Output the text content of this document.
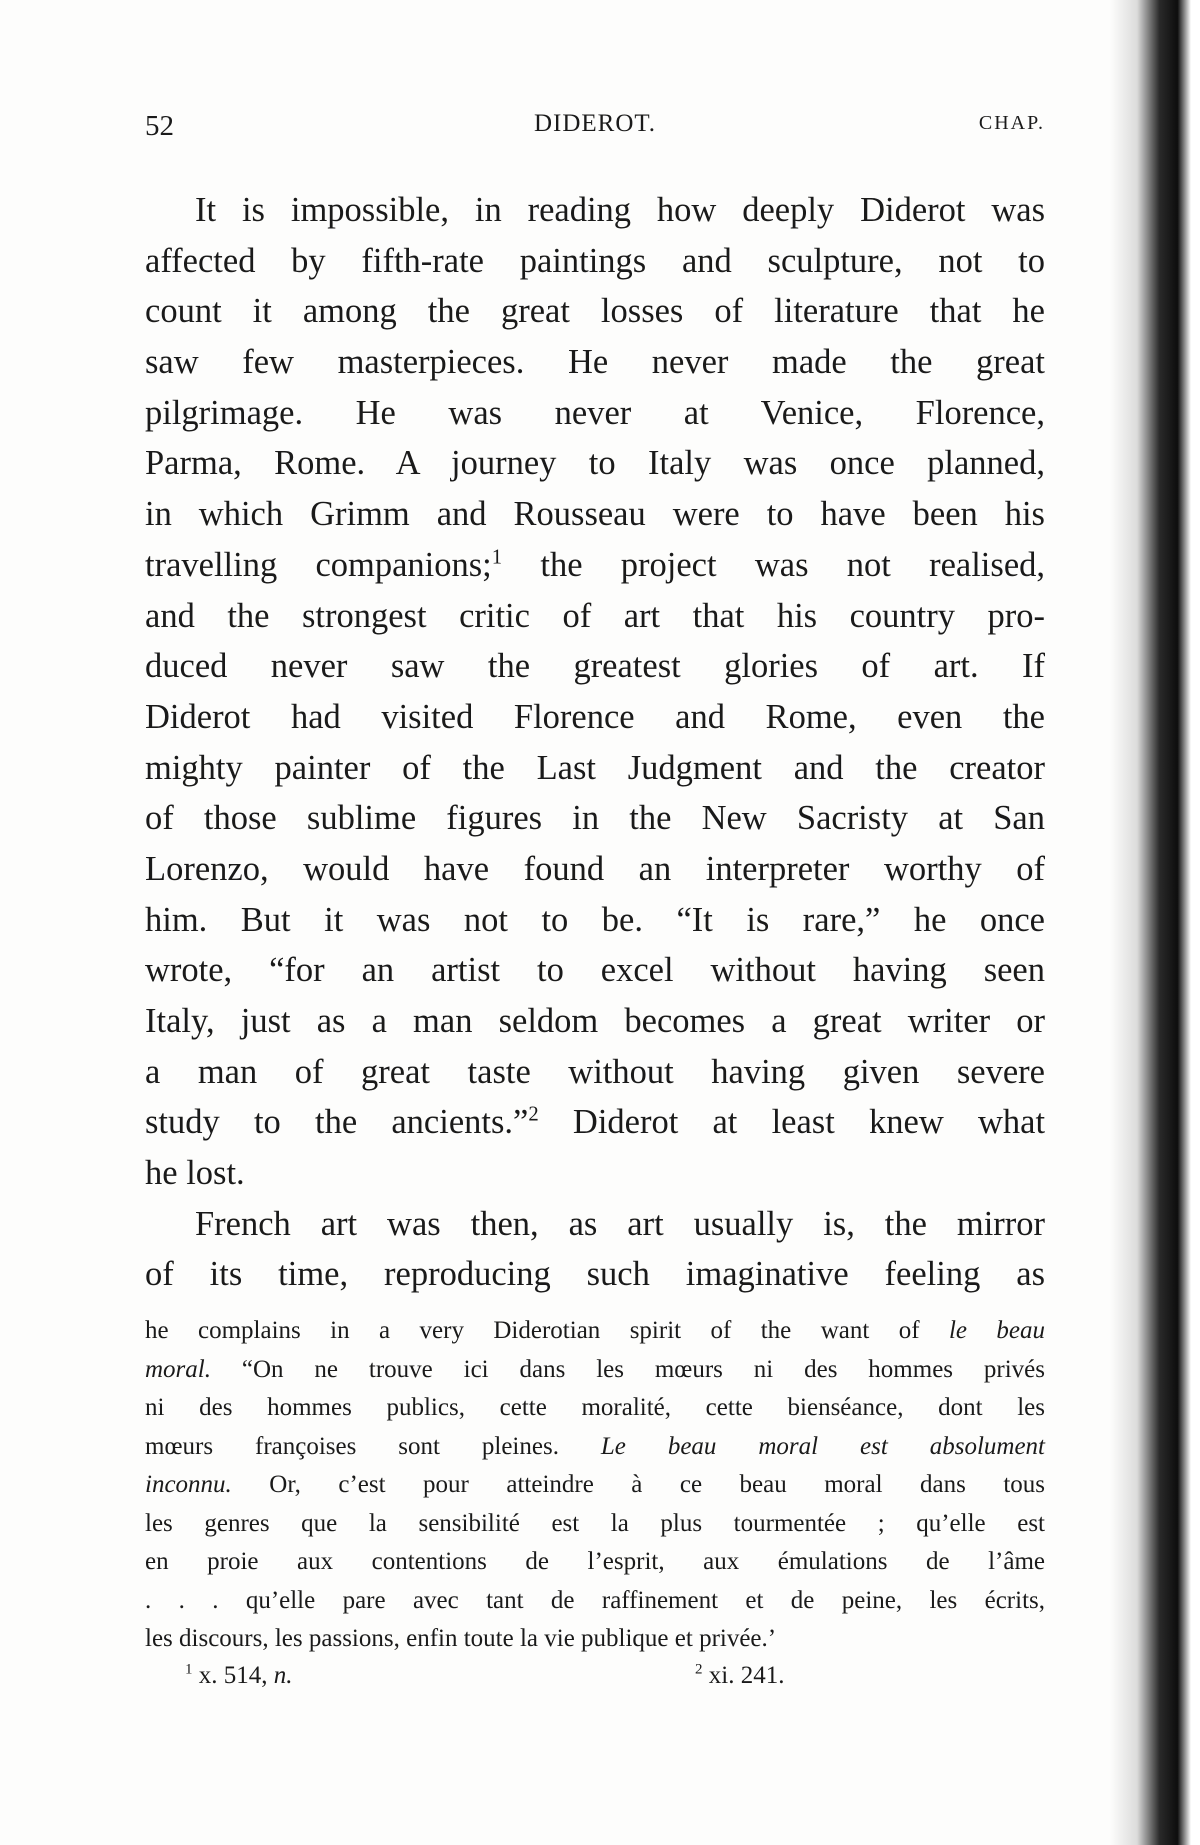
52	DIDEROT.	CHAP.
It is impossible, in reading how deeply Diderot was
affected by fifth-rate paintings and sculpture, not to
count it among the great losses of literature that he
saw few masterpieces. He never made the great
pilgrimage. He was never at Venice, Florence,
Parma, Rome. A journey to Italy was once planned,
in which Grimm and Rousseau were to have been his
travelling companions;$^1$ the project was not realised,
and the strongest critic of art that his country pro-
duced never saw the greatest glories of art. If
Diderot had visited Florence and Rome, even the
mighty painter of the Last Judgment and the creator
of those sublime figures in the New Sacristy at San
Lorenzo, would have found an interpreter worthy of
him. But it was not to be. “It is rare,” he once
wrote, “for an artist to excel without having seen
Italy, just as a man seldom becomes a great writer or
a man of great taste without having given severe
study to the ancients.”$^2$ Diderot at least knew what
he lost.
French art was then, as art usually is, the mirror
of its time, reproducing such imaginative feeling as
he complains in a very Diderotian spirit of the want of le beau
moral. “On ne trouve ici dans les mœurs ni des hommes privés
ni des hommes publics, cette moralité, cette bienséance, dont les
mœurs françoises sont pleines. Le beau moral est absolument
inconnu. Or, c’est pour atteindre à ce beau moral dans tous
les genres que la sensibilité est la plus tourmentée ; qu’elle est
en proie aux contentions de l’esprit, aux émulations de l’âme
. . . qu’elle pare avec tant de raffinement et de peine, les écrits,
les discours, les passions, enfin toute la vie publique et privée.’
$^1$ x. 514, n.	$^2$ xi. 241.
